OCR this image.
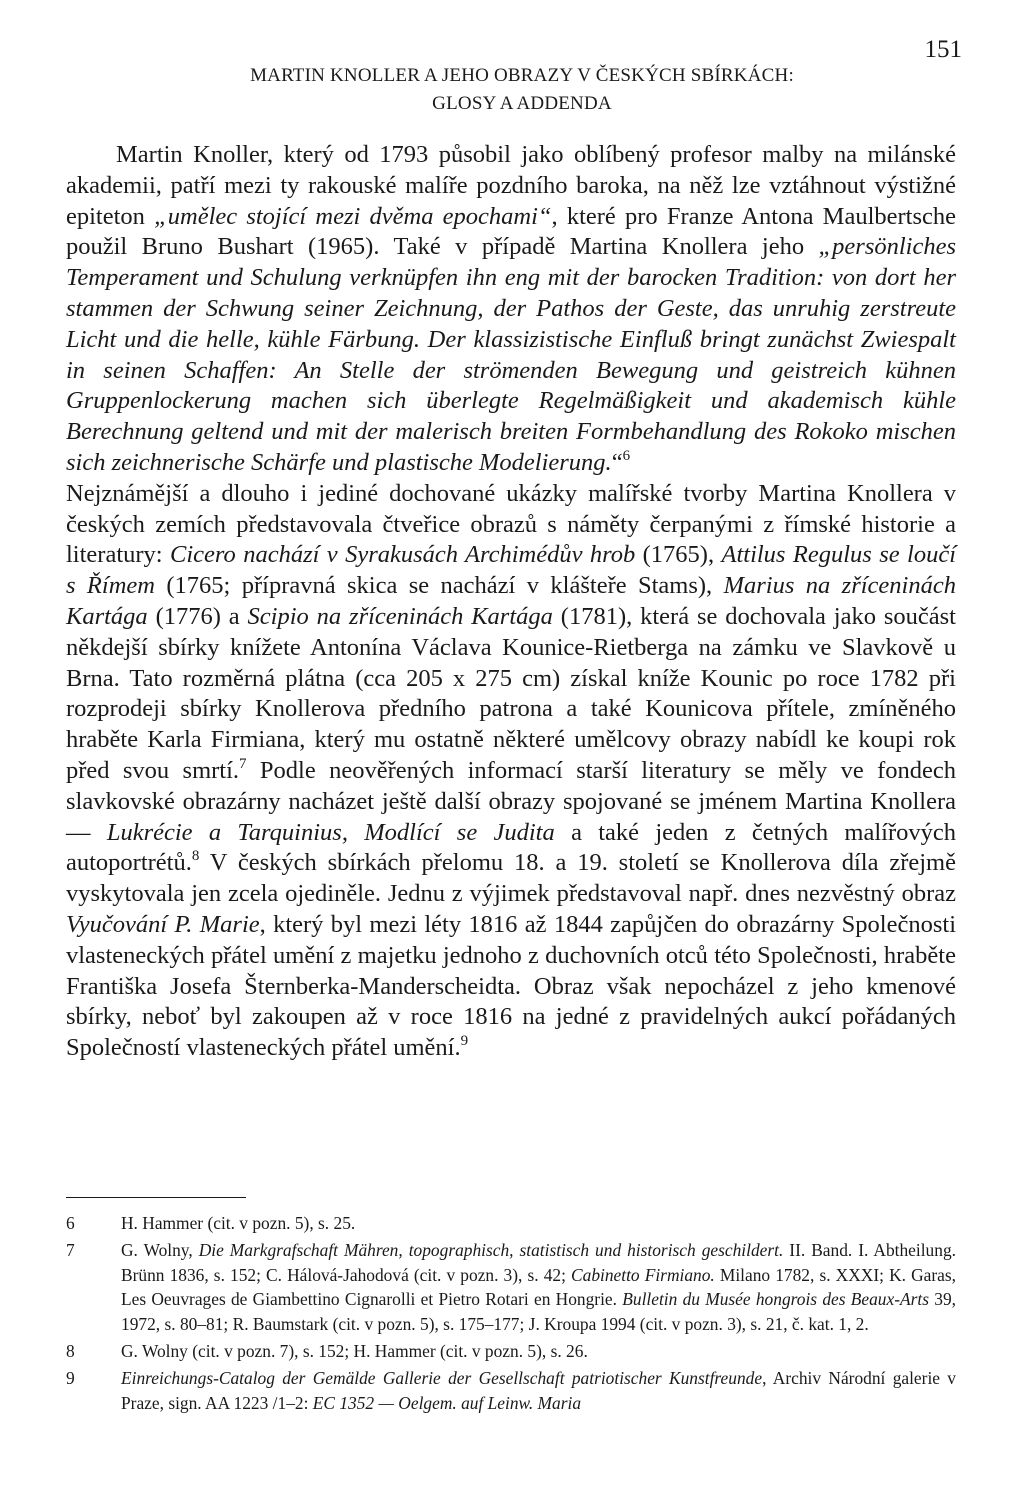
151
MARTIN KNOLLER A JEHO OBRAZY V ČESKÝCH SBÍRKÁCH:
GLOSY A ADDENDA

Martin Knoller, který od 1793 působil jako oblíbený profesor malby na milánské akademii, patří mezi ty rakouské malíře pozdního baroka, na něž lze vztáhnout výstižné epiteton „umělec stojící mezi dvěma epochami“, které pro Franze Antona Maulbertsche použil Bruno Bushart (1965). Také v případě Martina Knollera jeho „persönliches Temperament und Schulung verknüpfen ihn eng mit der barocken Tradition: von dort her stammen der Schwung seiner Zeichnung, der Pathos der Geste, das unruhig zerstreute Licht und die helle, kühle Färbung. Der klassizistische Einfluß bringt zunächst Zwiespalt in seinen Schaffen: An Stelle der strömenden Bewegung und geistreich kühnen Gruppenlockerung machen sich überlegte Regelmäßigkeit und akademisch kühle Berechnung geltend und mit der malerisch breiten Formbehandlung des Rokoko mischen sich zeichnerische Schärfe und plastische Modelierung.“$^6$

Nejznámější a dlouho i jediné dochované ukázky malířské tvorby Martina Knollera v českých zemích představovala čtveřice obrazů s náměty čerpanými z římské historie a literatury: Cicero nachází v Syrakusách Archimédův hrob (1765), Attilus Regulus se loučí s Římem (1765; přípravná skica se nachází v klášteře Stams), Marius na zříceninách Kartága (1776) a Scipio na zříceninách Kartága (1781), která se dochovala jako součást někdejší sbírky knížete Antonína Václava Kounice-Rietberga na zámku ve Slavkově u Brna. Tato rozměrná plátna (cca 205 x 275 cm) získal kníže Kounic po roce 1782 při rozprodeji sbírky Knollerova předního patrona a také Kounicova přítele, zmíněného hraběte Karla Firmiana, který mu ostatně některé umělcovy obrazy nabídl ke koupi rok před svou smrtí.$^7$ Podle neověřených informací starší literatury se měly ve fondech slavkovské obrazárny nacházet ještě další obrazy spojované se jménem Martina Knollera — Lukrécie a Tarquinius, Modlící se Judita a také jeden z četných malířových autoportrétů.$^8$ V českých sbírkách přelomu 18. a 19. století se Knollerova díla zřejmě vyskytovala jen zcela ojediněle. Jednu z výjimek představoval např. dnes nezvěstný obraz Vyučování P. Marie, který byl mezi léty 1816 až 1844 zapůjčen do obrazárny Společnosti vlasteneckých přátel umění z majetku jednoho z duchovních otců této Společnosti, hraběte Františka Josefa Šternberka-Manderscheidta. Obraz však nepocházel z jeho kmenové sbírky, neboť byl zakoupen až v roce 1816 na jedné z pravidelných aukcí pořádaných Společností vlasteneckých přátel umění.$^9$

6	H. Hammer (cit. v pozn. 5), s. 25.
7	G. Wolny, Die Markgrafschaft Mähren, topographisch, statistisch und historisch geschildert. II. Band. I. Abtheilung. Brünn 1836, s. 152; C. Hálová-Jahodová (cit. v pozn. 3), s. 42; Cabinetto Firmiano. Milano 1782, s. XXXI; K. Garas, Les Oeuvrages de Giambettino Cignarolli et Pietro Rotari en Hongrie. Bulletin du Musée hongrois des Beaux-Arts 39, 1972, s. 80–81; R. Baumstark (cit. v pozn. 5), s. 175–177; J. Kroupa 1994 (cit. v pozn. 3), s. 21, č. kat. 1, 2.
8	G. Wolny (cit. v pozn. 7), s. 152; H. Hammer (cit. v pozn. 5), s. 26.
9	Einreichungs-Catalog der Gemälde Gallerie der Gesellschaft patriotischer Kunstfreunde, Archiv Národní galerie v Praze, sign. AA 1223 /1–2: EC 1352 — Oelgem. auf Leinw. Maria
